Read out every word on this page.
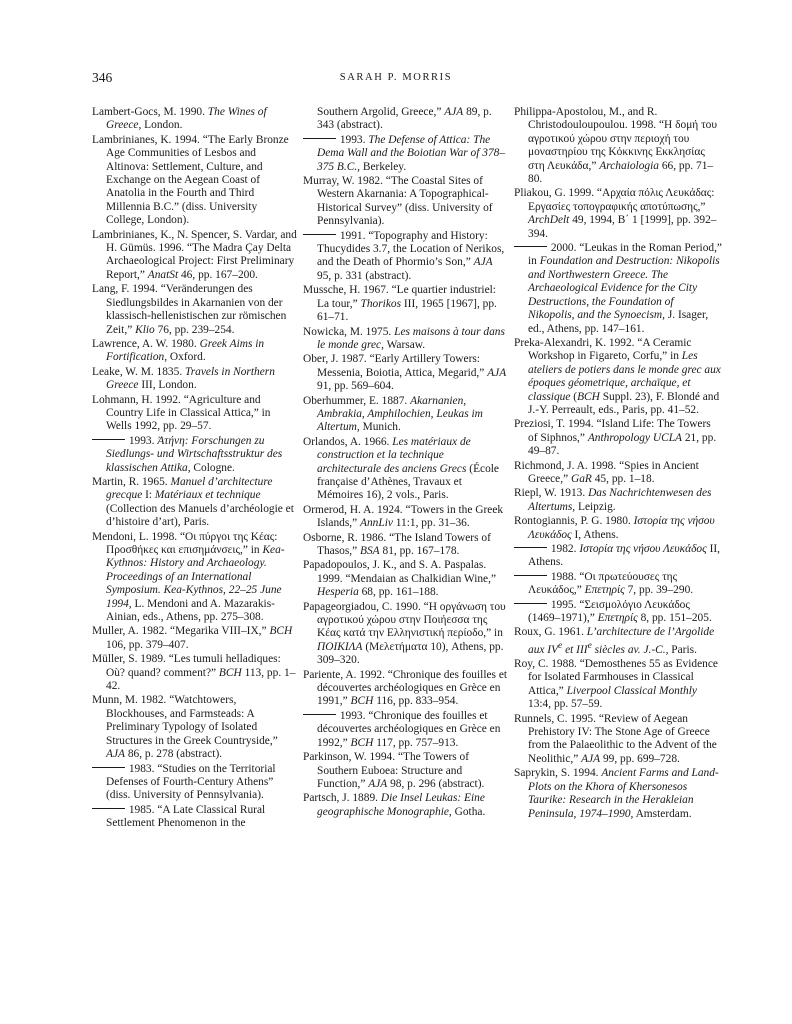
346	SARAH P. MORRIS

Lambert-Gocs, M. 1990. The Wines of Greece, London.

Lambrinianes, K. 1994. “The Early Bronze Age Communities of Lesbos and Altinova: Settlement, Culture, and Exchange on the Aegean Coast of Anatolia in the Fourth and Third Millennia B.C.” (diss. University College, London).

Lambrinianes, K., N. Spencer, S. Vardar, and H. Gümüs. 1996. “The Madra Çay Delta Archaeological Project: First Preliminary Report,” AnatSt 46, pp. 167–200.

Lang, F. 1994. “Veränderungen des Siedlungsbildes in Akarnanien von der klassisch-hellenistischen zur römischen Zeit,” Klio 76, pp. 239–254.

Lawrence, A. W. 1980. Greek Aims in Fortification, Oxford.

Leake, W. M. 1835. Travels in Northern Greece III, London.

Lohmann, H. 1992. “Agriculture and Country Life in Classical Attica,” in Wells 1992, pp. 29–57.

1993. Ἀτήνη: Forschungen zu Siedlungs- und Wirtschaftsstruktur des klassischen Attika, Cologne.

Martin, R. 1965. Manuel d’architecture grecque I: Matériaux et technique (Collection des Manuels d’archéologie et d’histoire d’art), Paris.

Mendoni, L. 1998. “Οι πύργοι της Κέας: Προσθήκες και επισημάνσεις,” in Kea-Kythnos: History and Archaeology. Proceedings of an International Symposium. Kea-Kythnos, 22–25 June 1994, L. Mendoni and A. Mazarakis-Ainian, eds., Athens, pp. 275–308.

Muller, A. 1982. “Megarika VIII–IX,” BCH 106, pp. 379–407.

Müller, S. 1989. “Les tumuli helladiques: Où? quand? comment?” BCH 113, pp. 1–42.

Munn, M. 1982. “Watchtowers, Blockhouses, and Farmsteads: A Preliminary Typology of Isolated Structures in the Greek Countryside,” AJA 86, p. 278 (abstract).

1983. “Studies on the Territorial Defenses of Fourth-Century Athens” (diss. University of Pennsylvania).

1985. “A Late Classical Rural Settlement Phenomenon in the

Southern Argolid, Greece,” AJA 89, p. 343 (abstract).

1993. The Defense of Attica: The Dema Wall and the Boiotian War of 378–375 B.C., Berkeley.

Murray, W. 1982. “The Coastal Sites of Western Akarnania: A Topographical-Historical Survey” (diss. University of Pennsylvania).

1991. “Topography and History: Thucydides 3.7, the Location of Nerikos, and the Death of Phormio’s Son,” AJA 95, p. 331 (abstract).

Mussche, H. 1967. “Le quartier industriel: La tour,” Thorikos III, 1965 [1967], pp. 61–71.

Nowicka, M. 1975. Les maisons à tour dans le monde grec, Warsaw.

Ober, J. 1987. “Early Artillery Towers: Messenia, Boiotia, Attica, Megarid,” AJA 91, pp. 569–604.

Oberhummer, E. 1887. Akarnanien, Ambrakia, Amphilochien, Leukas im Altertum, Munich.

Orlandos, A. 1966. Les matériaux de construction et la technique architecturale des anciens Grecs (École française d’Athènes, Travaux et Mémoires 16), 2 vols., Paris.

Ormerod, H. A. 1924. “Towers in the Greek Islands,” AnnLiv 11:1, pp. 31–36.

Osborne, R. 1986. “The Island Towers of Thasos,” BSA 81, pp. 167–178.

Papadopoulos, J. K., and S. A. Paspalas. 1999. “Mendaian as Chalkidian Wine,” Hesperia 68, pp. 161–188.

Papageorgiadou, C. 1990. “Η οργάνωση του αγροτικού χώρου στην Ποιήεσσα της Κέας κατά την Ελληνιστική περίοδο,” in ΠΟΙΚΙΛΑ (Μελετήματα 10), Athens, pp. 309–320.

Pariente, A. 1992. “Chronique des fouilles et découvertes archéologiques en Grèce en 1991,” BCH 116, pp. 833–954.

1993. “Chronique des fouilles et découvertes archéologiques en Grèce en 1992,” BCH 117, pp. 757–913.

Parkinson, W. 1994. “The Towers of Southern Euboea: Structure and Function,” AJA 98, p. 296 (abstract).

Partsch, J. 1889. Die Insel Leukas: Eine geographische Monographie, Gotha.

Philippa-Apostolou, M., and R. Christodouloupoulou. 1998. “Η δομή του αγροτικού χώρου στην περιοχή του μοναστηρίου της Κόκκινης Εκκλησίας στη Λευκάδα,” Archaiologia 66, pp. 71–80.

Pliakou, G. 1999. “Αρχαία πόλις Λευκάδας: Εργασίες τοπογραφικής αποτύπωσης,” ArchDelt 49, 1994, Β΄ 1 [1999], pp. 392–394.

2000. “Leukas in the Roman Period,” in Foundation and Destruction: Nikopolis and Northwestern Greece. The Archaeological Evidence for the City Destructions, the Foundation of Nikopolis, and the Synoecism, J. Isager, ed., Athens, pp. 147–161.

Preka-Alexandri, K. 1992. “A Ceramic Workshop in Figareto, Corfu,” in Les ateliers de potiers dans le monde grec aux époques géometrique, archaïque, et classique (BCH Suppl. 23), F. Blondé and J.-Y. Perreault, eds., Paris, pp. 41–52.

Preziosi, T. 1994. “Island Life: The Towers of Siphnos,” Anthropology UCLA 21, pp. 49–87.

Richmond, J. A. 1998. “Spies in Ancient Greece,” GaR 45, pp. 1–18.

Riepl, W. 1913. Das Nachrichtenwesen des Altertums, Leipzig.

Rontogiannis, P. G. 1980. Ιστορία της νήσου Λευκάδος I, Athens.

1982. Ιστορία της νήσου Λευκάδος II, Athens.

1988. “Οι πρωτεύουσες της Λευκάδος,” Επετηρίς 7, pp. 39–290.

1995. “Σεισμολόγιο Λευκάδος (1469–1971),” Επετηρίς 8, pp. 151–205.

Roux, G. 1961. L’architecture de l’Argolide aux IVe et IIIe siècles av. J.-C., Paris.

Roy, C. 1988. “Demosthenes 55 as Evidence for Isolated Farmhouses in Classical Attica,” Liverpool Classical Monthly 13:4, pp. 57–59.

Runnels, C. 1995. “Review of Aegean Prehistory IV: The Stone Age of Greece from the Palaeolithic to the Advent of the Neolithic,” AJA 99, pp. 699–728.

Saprykin, S. 1994. Ancient Farms and Land-Plots on the Khora of Khersonesos Taurike: Research in the Herakleian Peninsula, 1974–1990, Amsterdam.
